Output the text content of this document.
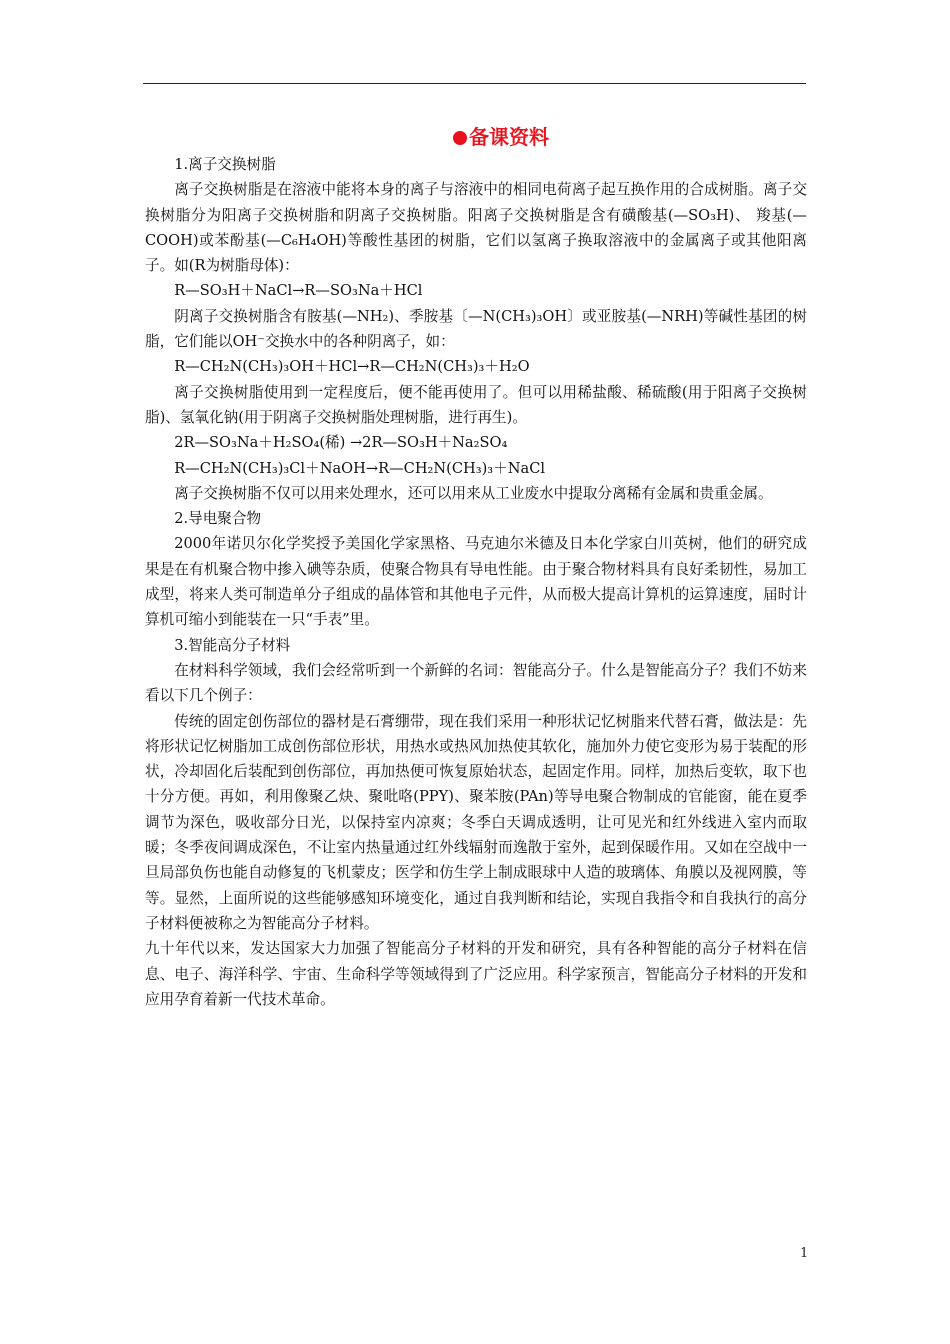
备课资料

1.离子交换树脂

离子交换树脂是在溶液中能将本身的离子与溶液中的相同电荷离子起互换作用的合成树脂。离子交换树脂分为阳离子交换树脂和阴离子交换树脂。阳离子交换树脂是含有磺酸基(—SO₃H)、 羧基(—COOH)或苯酚基(—C₆H₄OH)等酸性基团的树脂，它们以氢离子换取溶液中的金属离子或其他阳离子。如(R为树脂母体)：

R—SO₃H＋NaCl→R—SO₃Na＋HCl

阴离子交换树脂含有胺基(—NH₂)、季胺基〔—N(CH₃)₃OH〕或亚胺基(—NRH)等碱性基团的树脂，它们能以OH⁻交换水中的各种阴离子，如：

R—CH₂N(CH₃)₃OH＋HCl→R—CH₂N(CH₃)₃＋H₂O

离子交换树脂使用到一定程度后，便不能再使用了。但可以用稀盐酸、稀硫酸(用于阳离子交换树脂)、氢氧化钠(用于阴离子交换树脂处理树脂，进行再生)。

2R—SO₃Na＋H₂SO₄(稀) →2R—SO₃H＋Na₂SO₄

R—CH₂N(CH₃)₃Cl＋NaOH→R—CH₂N(CH₃)₃＋NaCl

离子交换树脂不仅可以用来处理水，还可以用来从工业废水中提取分离稀有金属和贵重金属。

2.导电聚合物

2000年诺贝尔化学奖授予美国化学家黑格、马克迪尔米德及日本化学家白川英树，他们的研究成果是在有机聚合物中掺入碘等杂质，使聚合物具有导电性能。由于聚合物材料具有良好柔韧性，易加工成型，将来人类可制造单分子组成的晶体管和其他电子元件，从而极大提高计算机的运算速度，届时计算机可缩小到能装在一只“手表”里。

3.智能高分子材料

在材料科学领域，我们会经常听到一个新鲜的名词：智能高分子。什么是智能高分子？我们不妨来看以下几个例子：

传统的固定创伤部位的器材是石膏绷带，现在我们采用一种形状记忆树脂来代替石膏，做法是：先将形状记忆树脂加工成创伤部位形状，用热水或热风加热使其软化，施加外力使它变形为易于装配的形状，冷却固化后装配到创伤部位，再加热便可恢复原始状态，起固定作用。同样，加热后变软，取下也十分方便。再如，利用像聚乙炔、聚吡咯(PPY)、聚苯胺(PAn)等导电聚合物制成的官能窗，能在夏季调节为深色，吸收部分日光，以保持室内凉爽；冬季白天调成透明，让可见光和红外线进入室内而取暖；冬季夜间调成深色，不让室内热量通过红外线辐射而逸散于室外，起到保暖作用。又如在空战中一旦局部负伤也能自动修复的飞机蒙皮；医学和仿生学上制成眼球中人造的玻璃体、角膜以及视网膜，等等。显然，上面所说的这些能够感知环境变化，通过自我判断和结论，实现自我指令和自我执行的高分子材料便被称之为智能高分子材料。

九十年代以来，发达国家大力加强了智能高分子材料的开发和研究，具有各种智能的高分子材料在信息、电子、海洋科学、宇宙、生命科学等领域得到了广泛应用。科学家预言，智能高分子材料的开发和应用孕育着新一代技术革命。

1
